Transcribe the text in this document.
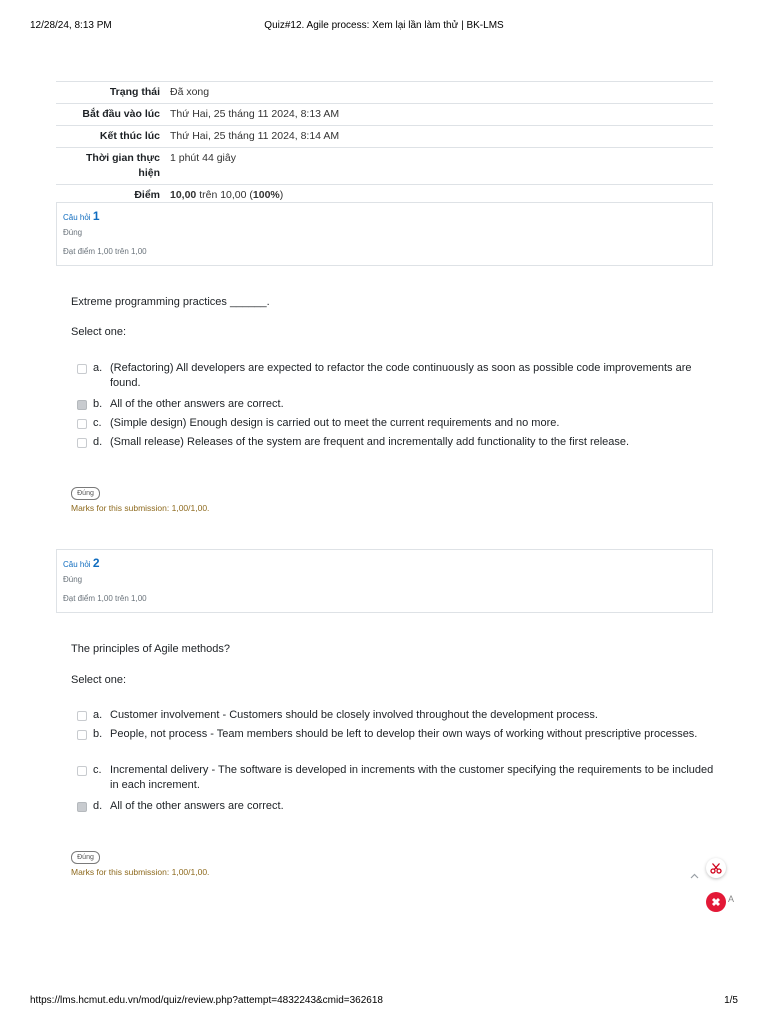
12/28/24, 8:13 PM	Quiz#12. Agile process: Xem lại lần làm thử | BK-LMS
Trạng thái	Đã xong
Bắt đầu vào lúc	Thứ Hai, 25 tháng 11 2024, 8:13 AM
Kết thúc lúc	Thứ Hai, 25 tháng 11 2024, 8:14 AM
Thời gian thực hiện	1 phút 44 giây
Điểm	10,00 trên 10,00 (100%)
Câu hỏi 1
Đúng
Đạt điểm 1,00 trên 1,00
Extreme programming practices ______.
Select one:
a. (Refactoring) All developers are expected to refactor the code continuously as soon as possible code improvements are found.
b. All of the other answers are correct.
c. (Simple design) Enough design is carried out to meet the current requirements and no more.
d. (Small release) Releases of the system are frequent and incrementally add functionality to the first release.
Đúng
Marks for this submission: 1,00/1,00.
Câu hỏi 2
Đúng
Đạt điểm 1,00 trên 1,00
The principles of Agile methods?
Select one:
a. Customer involvement - Customers should be closely involved throughout the development process.
b. People, not process - Team members should be left to develop their own ways of working without prescriptive processes.
c. Incremental delivery - The software is developed in increments with the customer specifying the requirements to be included in each increment.
d. All of the other answers are correct.
Đúng
Marks for this submission: 1,00/1,00.
✖ A
https://lms.hcmut.edu.vn/mod/quiz/review.php?attempt=4832243&cmid=362618	1/5
